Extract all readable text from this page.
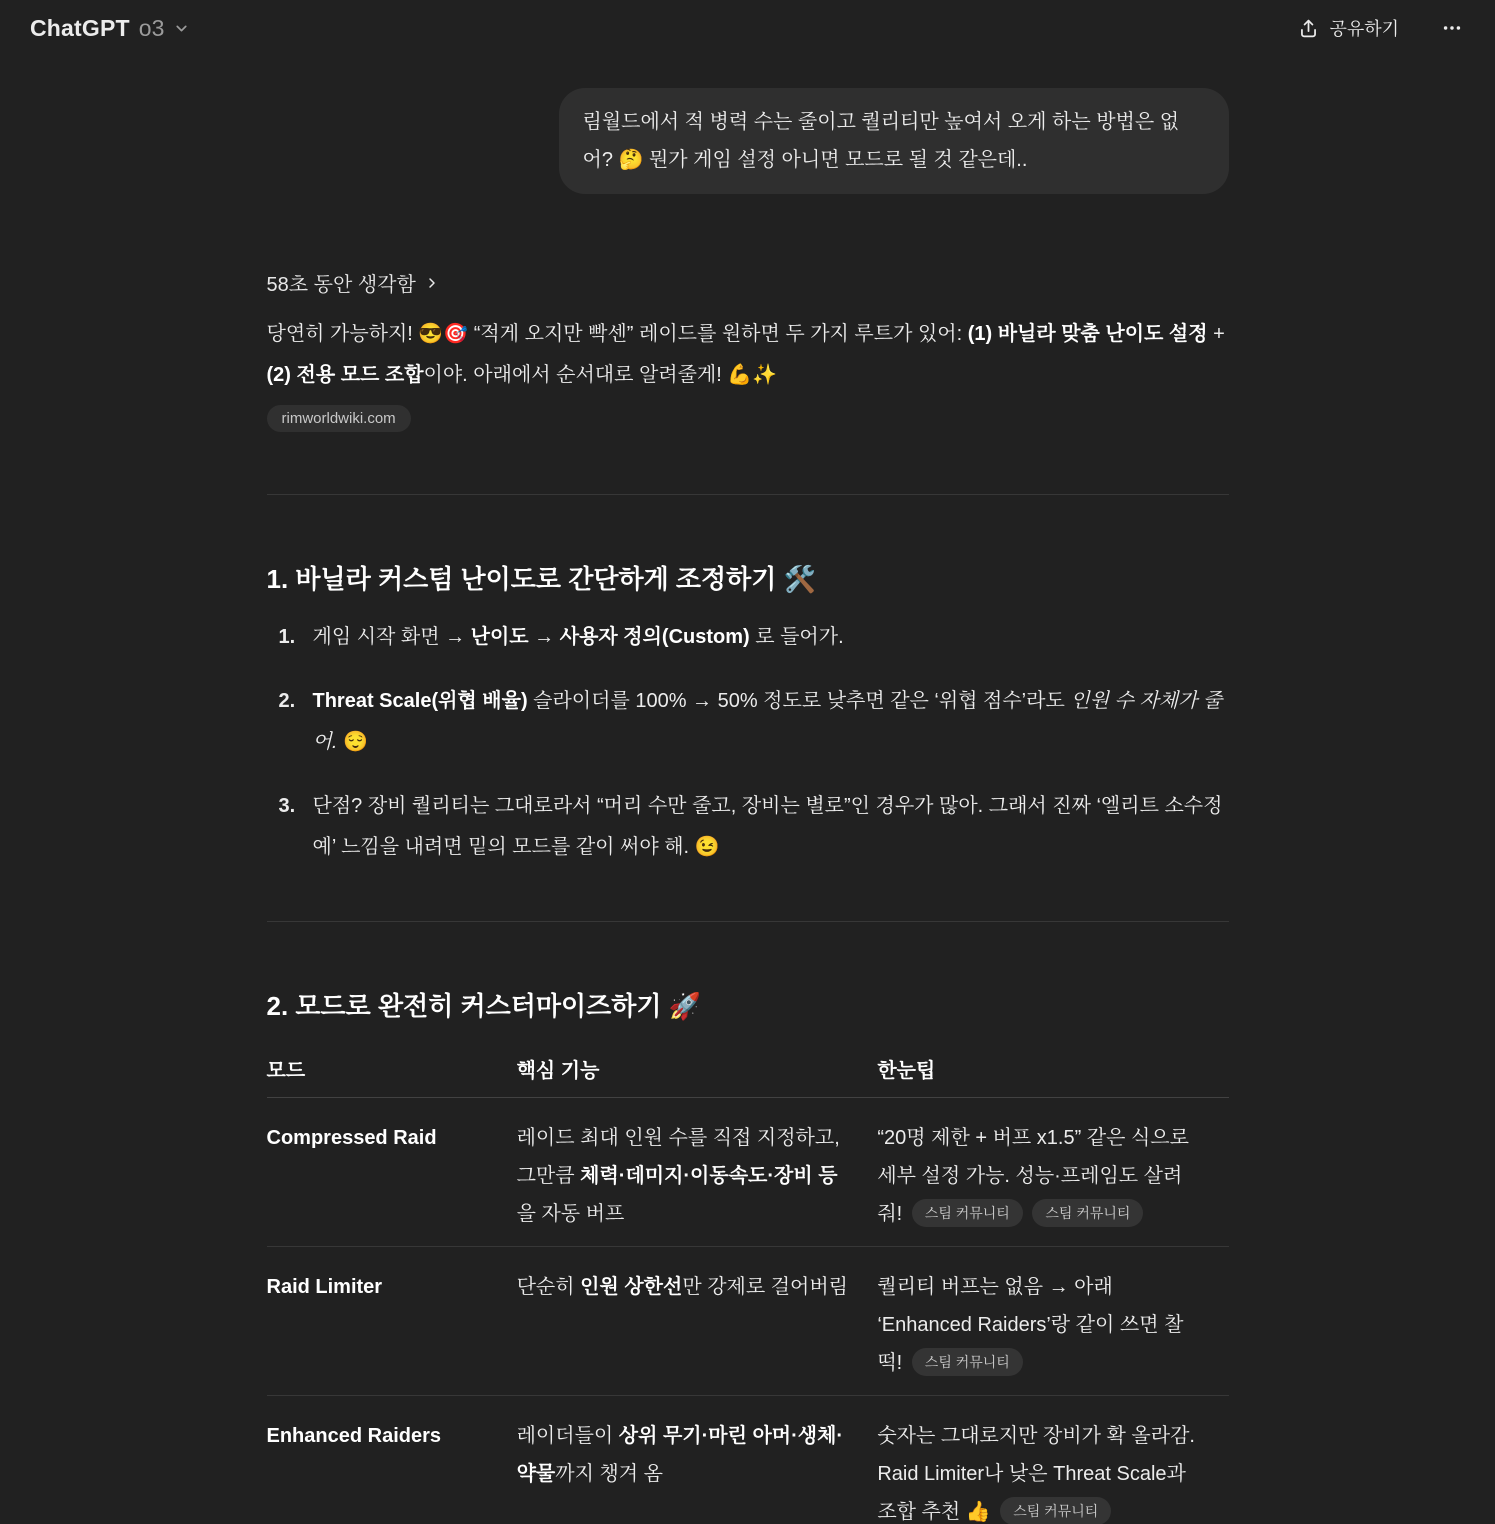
ChatGPT o3	공유하기
림월드에서 적 병력 수는 줄이고 퀄리티만 높여서 오게 하는 방법은 없어? 🤔 뭔가 게임 설정 아니면 모드로 될 것 같은데..
58초 동안 생각함

당연히 가능하지! 😎🎯 “적게 오지만 빡센” 레이드를 원하면 두 가지 루트가 있어: (1) 바닐라 맞춤 난이도 설정 + (2) 전용 모드 조합이야. 아래에서 순서대로 알려줄게! 💪✨

rimworldwiki.com
1. 바닐라 커스텀 난이도로 간단하게 조정하기 🛠️
1. 게임 시작 화면 → 난이도 → 사용자 정의(Custom) 로 들어가.
2. Threat Scale(위협 배율) 슬라이더를 100% → 50% 정도로 낮추면 같은 ‘위협 점수’라도 인원 수 자체가 줄어. 😌
3. 단점? 장비 퀄리티는 그대로라서 “머리 수만 줄고, 장비는 별로”인 경우가 많아. 그래서 진짜 ‘엘리트 소수정예’ 느낌을 내려면 밑의 모드를 같이 써야 해. 😉
2. 모드로 완전히 커스터마이즈하기 🚀
모드	핵심 기능	한눈팁
Compressed Raid	레이드 최대 인원 수를 직접 지정하고, 그만큼 체력·데미지·이동속도·장비 등을 자동 버프	“20명 제한 + 버프 x1.5” 같은 식으로 세부 설정 가능. 성능·프레임도 살려줘! 스팀 커뮤니티 스팀 커뮤니티
Raid Limiter	단순히 인원 상한선만 강제로 걸어버림	퀄리티 버프는 없음 → 아래 ‘Enhanced Raiders’랑 같이 쓰면 찰떡! 스팀 커뮤니티
Enhanced Raiders	레이더들이 상위 무기·마린 아머·생체·약물까지 챙겨 옴	숫자는 그대로지만 장비가 확 올라감. Raid Limiter나 낮은 Threat Scale과 조합 추천 👍 스팀 커뮤니티
